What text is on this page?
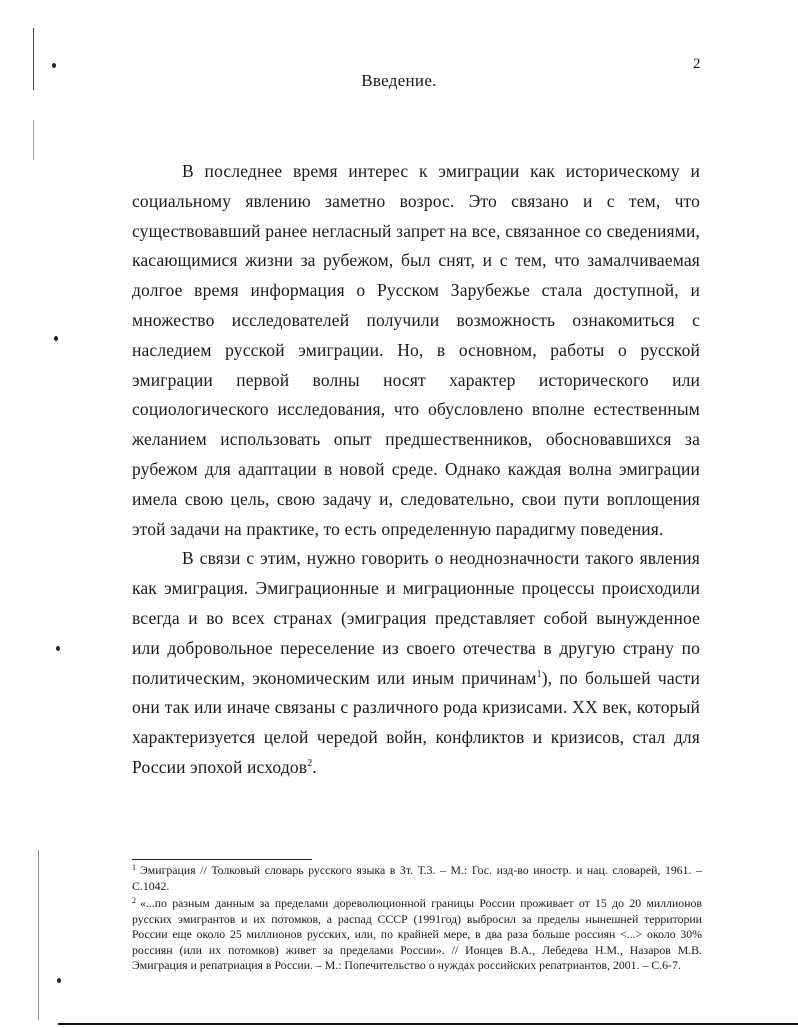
2
Введение.

В последнее время интерес к эмиграции как историческому и социальному явлению заметно возрос. Это связано и с тем, что существовавший ранее негласный запрет на все, связанное со сведениями, касающимися жизни за рубежом, был снят, и с тем, что замалчиваемая долгое время информация о Русском Зарубежье стала доступной, и множество исследователей получили возможность ознакомиться с наследием русской эмиграции. Но, в основном, работы о русской эмиграции первой волны носят характер исторического или социологического исследования, что обусловлено вполне естественным желанием использовать опыт предшественников, обосновавшихся за рубежом для адаптации в новой среде. Однако каждая волна эмиграции имела свою цель, свою задачу и, следовательно, свои пути воплощения этой задачи на практике, то есть определенную парадигму поведения.

В связи с этим, нужно говорить о неоднозначности такого явления как эмиграция. Эмиграционные и миграционные процессы происходили всегда и во всех странах (эмиграция представляет собой вынужденное или добровольное переселение из своего отечества в другую страну по политическим, экономическим или иным причинам$^1$), по большей части они так или иначе связаны с различного рода кризисами. XX век, который характеризуется целой чередой войн, конфликтов и кризисов, стал для России эпохой исходов$^2$.

$^1$ Эмиграция // Толковый словарь русского языка в 3т. Т.3. – М.: Гос. изд-во иностр. и нац. словарей, 1961. – С.1042.

$^2$ «...по разным данным за пределами дореволюционной границы России проживает от 15 до 20 миллионов русских эмигрантов и их потомков, а распад СССР (1991год) выбросил за пределы нынешней территории России еще около 25 миллионов русских, или, по крайней мере, в два раза больше россиян <...> около 30% россиян (или их потомков) живет за пределами России». // Ионцев В.А., Лебедева Н.М., Назаров М.В. Эмиграция и репатриация в России. – М.: Попечительство о нуждах российских репатриантов, 2001. – С.6-7.
